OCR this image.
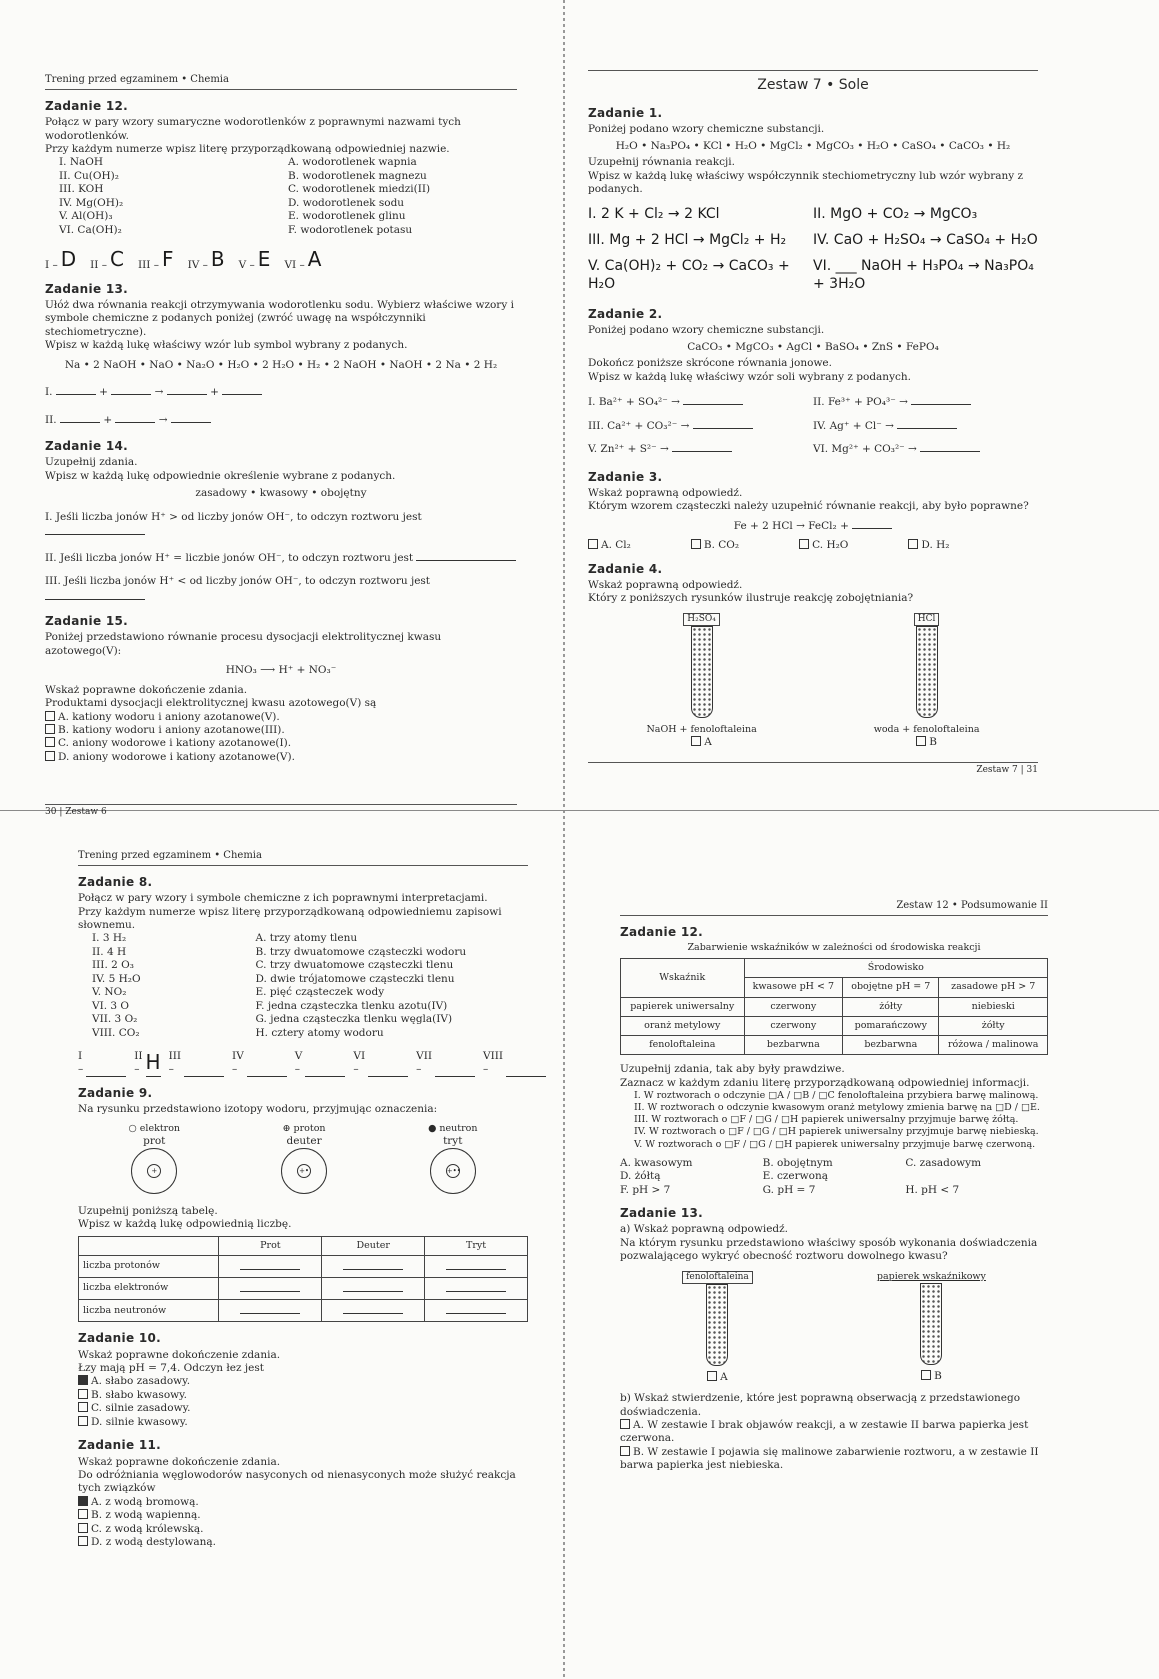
Trening przed egzaminem • Chemia
Zadanie 12.

Połącz w pary wzory sumaryczne wodorotlenków z poprawnymi nazwami tych wodorotlenków.

Przy każdym numerze wpisz literę przyporządkowaną odpowiedniej nazwie.

I. NaOH

II. Cu(OH)₂

III. KOH

IV. Mg(OH)₂

V. Al(OH)₃

VI. Ca(OH)₂

A. wodorotlenek wapnia

B. wodorotlenek magnezu

C. wodorotlenek miedzi(II)

D. wodorotlenek sodu

E. wodorotlenek glinu

F. wodorotlenek potasu

I – D II – C III – F IV – B V – E VI – A
Zadanie 13.

Ułóż dwa równania reakcji otrzymywania wodorotlenku sodu. Wybierz właściwe wzory i symbole chemiczne z podanych poniżej (zwróć uwagę na współczynniki stechiometryczne).

Wpisz w każdą lukę właściwy wzór lub symbol wybrany z podanych.

Na • 2 NaOH • NaO • Na₂O • H₂O • 2 H₂O • H₂ • 2 NaOH • NaOH • 2 Na • 2 H₂

I.	+	→	+

II.	+	→

Zadanie 14.

Uzupełnij zdania.

Wpisz w każdą lukę odpowiednie określenie wybrane z podanych.

zasadowy • kwasowy • obojętny

I. Jeśli liczba jonów H⁺ > od liczby jonów OH⁻, to odczyn roztworu jest

II. Jeśli liczba jonów H⁺ = liczbie jonów OH⁻, to odczyn roztworu jest

III. Jeśli liczba jonów H⁺ < od liczby jonów OH⁻, to odczyn roztworu jest

Zadanie 15.

Poniżej przedstawiono równanie procesu dysocjacji elektrolitycznej kwasu azotowego(V):

HNO₃ ⟶ H⁺ + NO₃⁻

Wskaż poprawne dokończenie zdania.

Produktami dysocjacji elektrolitycznej kwasu azotowego(V) są

A. kationy wodoru i aniony azotanowe(V).

B. kationy wodoru i aniony azotanowe(III).

C. aniony wodorowe i kationy azotanowe(I).

D. aniony wodorowe i kationy azotanowe(V).

30 | Zestaw 6
Zestaw 7 • Sole
Zadanie 1.

Poniżej podano wzory chemiczne substancji.

H₂O • Na₃PO₄ • KCl • H₂O • MgCl₂ • MgCO₃ • H₂O • CaSO₄ • CaCO₃ • H₂

Uzupełnij równania reakcji.

Wpisz w każdą lukę właściwy współczynnik stechiometryczny lub wzór wybrany z podanych.

I. 2 K + Cl₂ → 2 KCl	II. MgO + CO₂ → MgCO₃
III. Mg + 2 HCl → MgCl₂ + H₂	IV. CaO + H₂SO₄ → CaSO₄ + H₂O
V. Ca(OH)₂ + CO₂ → CaCO₃ + H₂O
VI. ___ NaOH + H₃PO₄ → Na₃PO₄ + 3H₂O
Zadanie 2.

Poniżej podano wzory chemiczne substancji.

CaCO₃ • MgCO₃ • AgCl • BaSO₄ • ZnS • FePO₄

Dokończ poniższe skrócone równania jonowe.

Wpisz w każdą lukę właściwy wzór soli wybrany z podanych.

I. Ba²⁺ + SO₄²⁻ →	II. Fe³⁺ + PO₄³⁻ →
III. Ca²⁺ + CO₃²⁻ →	IV. Ag⁺ + Cl⁻ →
V. Zn²⁺ + S²⁻ →	VI. Mg²⁺ + CO₃²⁻ →
Zadanie 3.

Wskaż poprawną odpowiedź.

Którym wzorem cząsteczki należy uzupełnić równanie reakcji, aby było poprawne?

Fe + 2 HCl → FeCl₂ +

A. Cl₂	B. CO₂	C. H₂O	D. H₂
Zadanie 4.

Wskaż poprawną odpowiedź.

Który z poniższych rysunków ilustruje reakcję zobojętniania?

H₂SO₄

NaOH + fenoloftaleina
A
HCl

woda + fenoloftaleina
B
Zestaw 7 | 31
Trening przed egzaminem • Chemia
Zadanie 8.

Połącz w pary wzory i symbole chemiczne z ich poprawnymi interpretacjami.

Przy każdym numerze wpisz literę przyporządkowaną odpowiedniemu zapisowi słownemu.

I. 3 H₂

II. 4 H

III. 2 O₃

IV. 5 H₂O

V. NO₂

VI. 3 O

VII. 3 O₂

VIII. CO₂

A. trzy atomy tlenu

B. trzy dwuatomowe cząsteczki wodoru

C. trzy dwuatomowe cząsteczki tlenu

D. dwie trójatomowe cząsteczki tlenu

E. pięć cząsteczek wody

F. jedna cząsteczka tlenku azotu(IV)

G. jedna cząsteczka tlenku węgla(IV)

H. cztery atomy wodoru

I –
II – H III –
IV –
V –
VI –
VII –
VIII –
Zadanie 9.

Na rysunku przedstawiono izotopy wodoru, przyjmując oznaczenia:

○ elektron

prot

+

⊕ proton

deuter

+•

● neutron

tryt

+••

Uzupełnij poniższą tabelę.

Wpisz w każdą lukę odpowiednią liczbę.

	Prot	Deuter	Tryt
liczba protonów			
liczba elektronów			
liczba neutronów			
Zadanie 10.

Wskaż poprawne dokończenie zdania.

Łzy mają pH = 7,4. Odczyn łez jest

A. słabo zasadowy.

B. słabo kwasowy.

C. silnie zasadowy.

D. silnie kwasowy.

Zadanie 11.

Wskaż poprawne dokończenie zdania.

Do odróżniania węglowodorów nasyconych od nienasyconych może służyć reakcja tych związków

A. z wodą bromową.

B. z wodą wapienną.

C. z wodą królewską.

D. z wodą destylowaną.

Zestaw 12 • Podsumowanie II
Zadanie 12.

Zabarwienie wskaźników w zależności od środowiska reakcji

Wskaźnik	Środowisko		
	kwasowe pH < 7	obojętne pH = 7	zasadowe pH > 7
papierek uniwersalny	czerwony	żółty	niebieski
oranż metylowy	czerwony	pomarańczowy	żółty
fenoloftaleina	bezbarwna	bezbarwna	różowa / malinowa

Uzupełnij zdania, tak aby były prawdziwe.

Zaznacz w każdym zdaniu literę przyporządkowaną odpowiedniej informacji.

I. W roztworach o odczynie □A / □B / □C fenoloftaleina przybiera barwę malinową.

II. W roztworach o odczynie kwasowym oranż metylowy zmienia barwę na □D / □E.

III. W roztworach o □F / □G / □H papierek uniwersalny przyjmuje barwę żółtą.

IV. W roztworach o □F / □G / □H papierek uniwersalny przyjmuje barwę niebieską.

V. W roztworach o □F / □G / □H papierek uniwersalny przyjmuje barwę czerwoną.

A. kwasowym	B. obojętnym	C. zasadowym
D. żółtą	E. czerwoną
F. pH > 7	G. pH = 7	H. pH < 7
Zadanie 13.

a) Wskaż poprawną odpowiedź.

Na którym rysunku przedstawiono właściwy sposób wykonania doświadczenia pozwalającego wykryć obecność roztworu dowolnego kwasu?

fenoloftaleina

A
papierek wskaźnikowy

B

b) Wskaż stwierdzenie, które jest poprawną obserwacją z przedstawionego doświadczenia.

A. W zestawie I brak objawów reakcji, a w zestawie II barwa papierka jest czerwona.

B. W zestawie I pojawia się malinowe zabarwienie roztworu, a w zestawie II barwa papierka jest niebieska.
